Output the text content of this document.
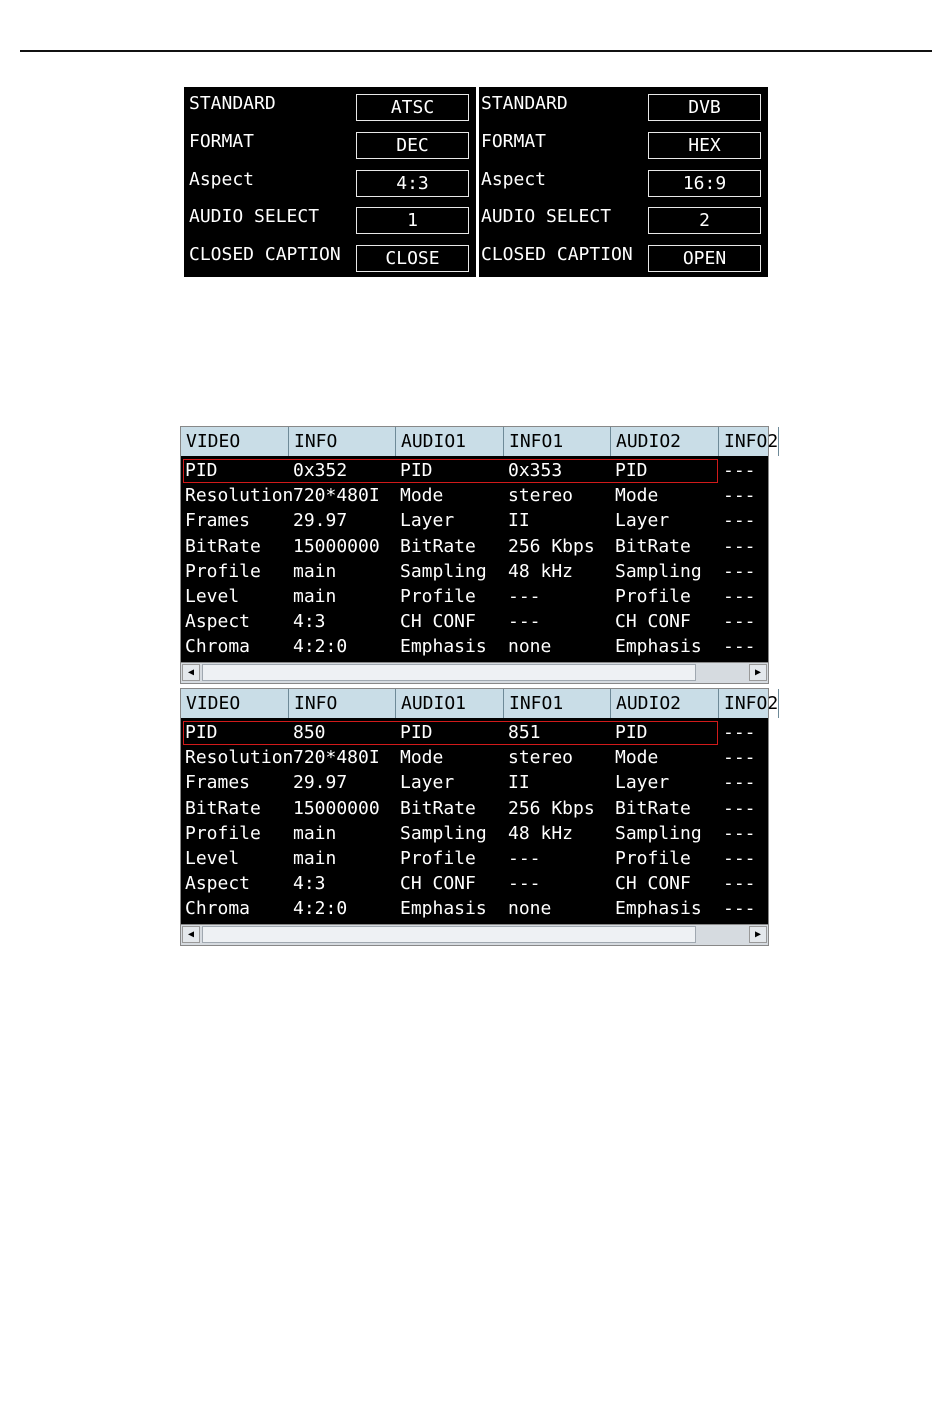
STANDARD	ATSC
FORMAT	DEC
Aspect	4:3
AUDIO SELECT	1
CLOSED CAPTION	CLOSE
STANDARD	DVB
FORMAT	HEX
Aspect	16:9
AUDIO SELECT	2
CLOSED CAPTION	OPEN
VIDEO	INFO	AUDIO1	INFO1	AUDIO2	INFO2
PID	0x352	PID	0x353	PID	---
Resolution 720*480I	Mode	stereo	Mode	---
Frames	29.97	Layer	II	Layer	---
BitRate	15000000	BitRate	256 Kbps	BitRate	---
Profile	main	Sampling	48 kHz	Sampling	---
Level	main	Profile	---	Profile	---
Aspect	4:3	CH CONF	---	CH CONF	---
Chroma	4:2:0	Emphasis	none	Emphasis	---
◀	▶
VIDEO	INFO	AUDIO1	INFO1	AUDIO2	INFO2
PID	850	PID	851	PID	---
Resolution 720*480I	Mode	stereo	Mode	---
Frames	29.97	Layer	II	Layer	---
BitRate	15000000	BitRate	256 Kbps	BitRate	---
Profile	main	Sampling	48 kHz	Sampling	---
Level	main	Profile	---	Profile	---
Aspect	4:3	CH CONF	---	CH CONF	---
Chroma	4:2:0	Emphasis	none	Emphasis	---
◀	▶
